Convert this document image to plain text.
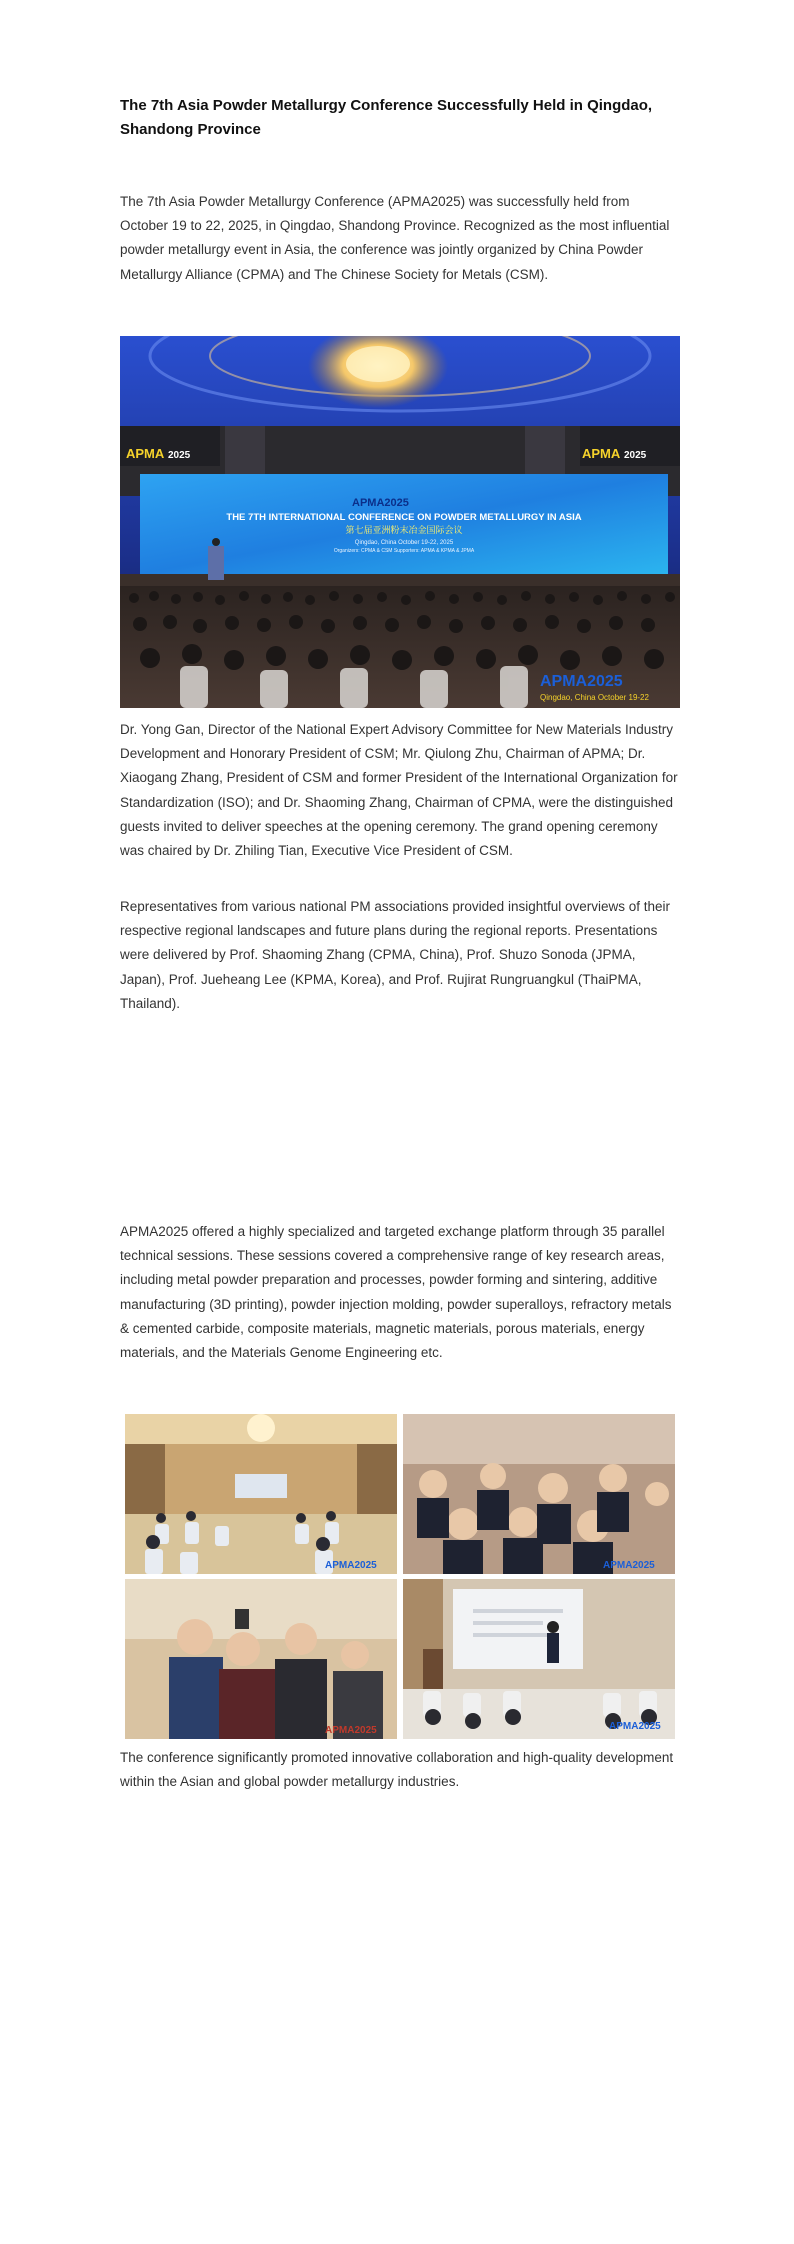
The 7th Asia Powder Metallurgy Conference Successfully Held in Qingdao, Shandong Province

The 7th Asia Powder Metallurgy Conference (APMA2025) was successfully held from October 19 to 22, 2025, in Qingdao, Shandong Province. Recognized as the most influential powder metallurgy event in Asia, the conference was jointly organized by China Powder Metallurgy Alliance (CPMA) and The Chinese Society for Metals (CSM).

APMA 2025	APMA 2025
APMA2025
THE 7TH INTERNATIONAL CONFERENCE ON POWDER METALLURGY IN ASIA
第七届亚洲粉末冶金国际会议
Qingdao, China October 19-22, 2025
Organizers: CPMA & CSM Supporters: APMA & KPMA & JPMA
APMA2025
Qingdao, China October 19-22

Dr. Yong Gan, Director of the National Expert Advisory Committee for New Materials Industry Development and Honorary President of CSM; Mr. Qiulong Zhu, Chairman of APMA; Dr. Xiaogang Zhang, President of CSM and former President of the International Organization for Standardization (ISO); and Dr. Shaoming Zhang, Chairman of CPMA, were the distinguished guests invited to deliver speeches at the opening ceremony. The grand opening ceremony was chaired by Dr. Zhiling Tian, Executive Vice President of CSM.

Representatives from various national PM associations provided insightful overviews of their respective regional landscapes and future plans during the regional reports. Presentations were delivered by Prof. Shaoming Zhang (CPMA, China), Prof. Shuzo Sonoda (JPMA, Japan), Prof. Jueheang Lee (KPMA, Korea), and Prof. Rujirat Rungruangkul (ThaiPMA, Thailand).

APMA2025 offered a highly specialized and targeted exchange platform through 35 parallel technical sessions. These sessions covered a comprehensive range of key research areas, including metal powder preparation and processes, powder forming and sintering, additive manufacturing (3D printing), powder injection molding, powder superalloys, refractory metals & cemented carbide, composite materials, magnetic materials, porous materials, energy materials, and the Materials Genome Engineering etc.

APMA2025	APMA2025
APMA2025	APMA2025

The conference significantly promoted innovative collaboration and high-quality development within the Asian and global powder metallurgy industries.
